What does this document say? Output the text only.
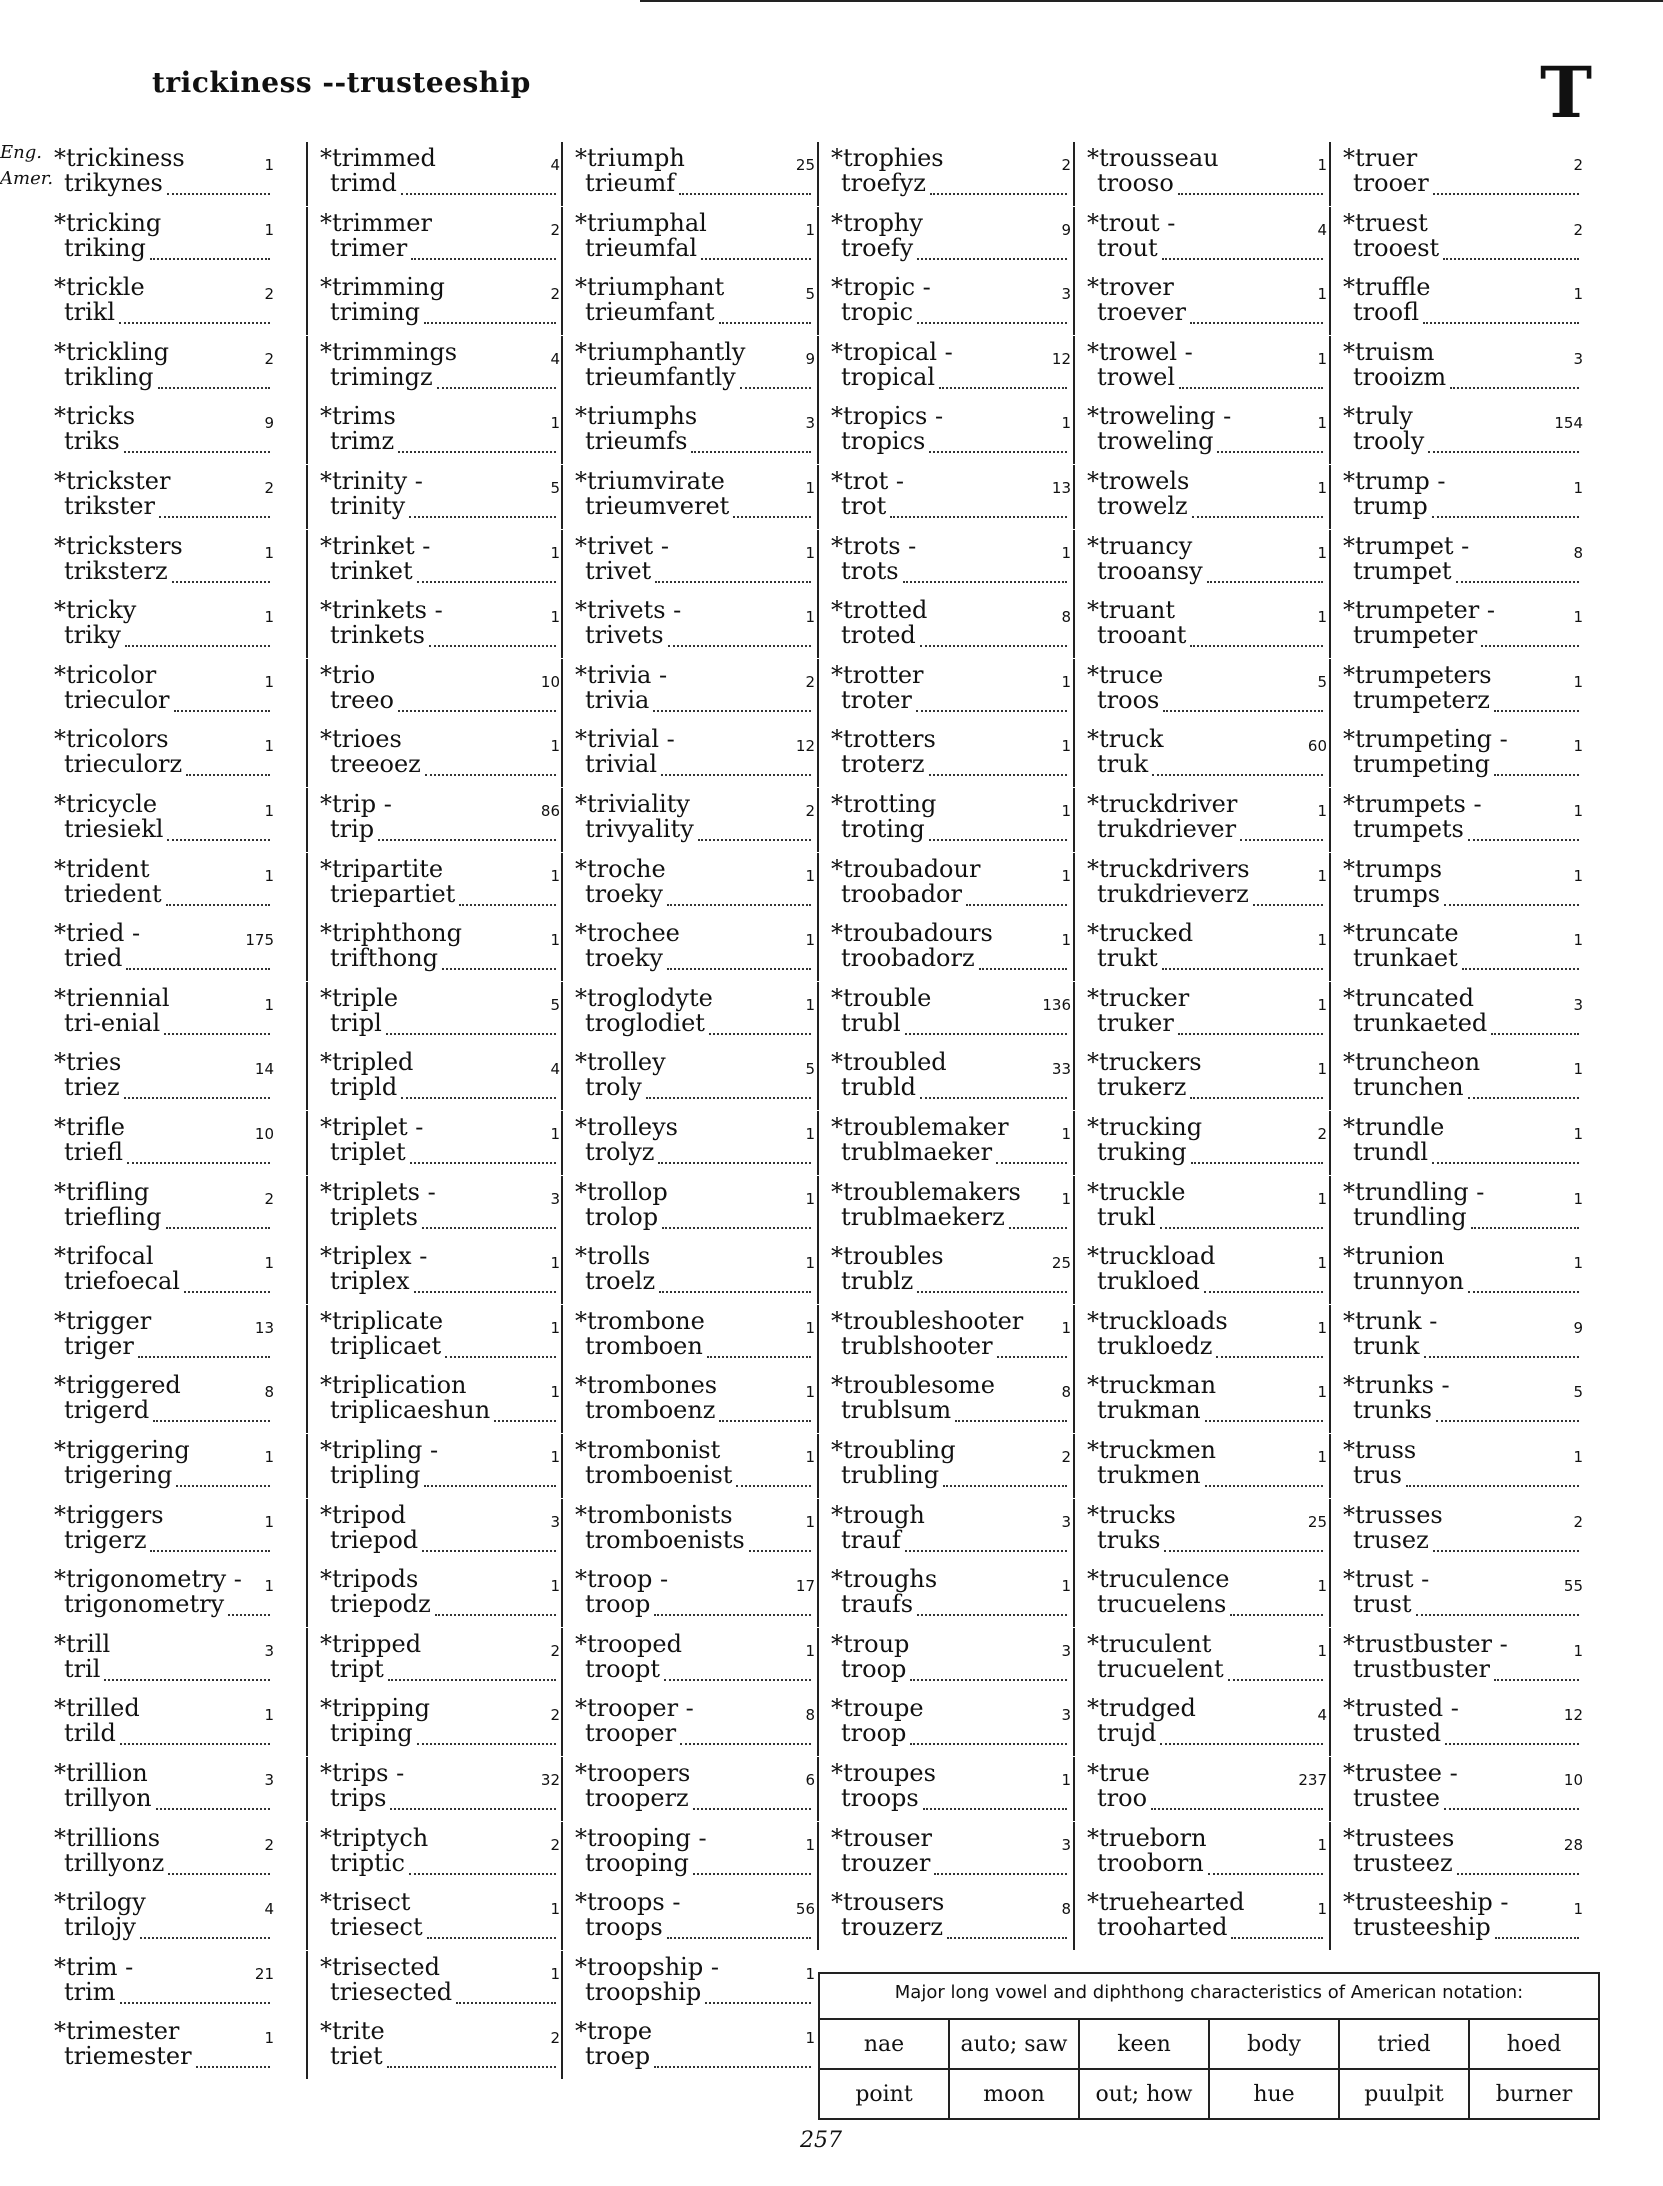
trickiness --trusteeship	T
Eng.
Amer.
*trickiness
trikynes
1
*tricking
triking
1
*trickle
trikl
2
*trickling
trikling
2
*tricks
triks
9
*trickster
trikster
2
*tricksters
triksterz
1
*tricky
triky
1
*tricolor
trieculor
1
*tricolors
trieculorz
1
*tricycle
triesiekl
1
*trident
triedent
1
*tried -
tried
175
*triennial
tri-enial
1
*tries
triez
14
*trifle
triefl
10
*trifling
triefling
2
*trifocal
triefoecal
1
*trigger
triger
13
*triggered
trigerd
8
*triggering
trigering
1
*triggers
trigerz
1
*trigonometry -
trigonometry
1
*trill
tril
3
*trilled
trild
1
*trillion
trillyon
3
*trillions
trillyonz
2
*trilogy
trilojy
4
*trim -
trim
21
*trimester
triemester
1
*trimmed
trimd
4
*trimmer
trimer
2
*trimming
triming
2
*trimmings
trimingz
4
*trims
trimz
1
*trinity -
trinity
5
*trinket -
trinket
1
*trinkets -
trinkets
1
*trio
treeo
10
*trioes
treeoez
1
*trip -
trip
86
*tripartite
triepartiet
1
*triphthong
trifthong
1
*triple
tripl
5
*tripled
tripld
4
*triplet -
triplet
1
*triplets -
triplets
3
*triplex -
triplex
1
*triplicate
triplicaet
1
*triplication
triplicaeshun
1
*tripling -
tripling
1
*tripod
triepod
3
*tripods
triepodz
1
*tripped
tript
2
*tripping
triping
2
*trips -
trips
32
*triptych
triptic
2
*trisect
triesect
1
*trisected
triesected
1
*trite
triet
2
*triumph
trieumf
25
*triumphal
trieumfal
1
*triumphant
trieumfant
5
*triumphantly
trieumfantly
9
*triumphs
trieumfs
3
*triumvirate
trieumveret
1
*trivet -
trivet
1
*trivets -
trivets
1
*trivia -
trivia
2
*trivial -
trivial
12
*triviality
trivyality
2
*troche
troeky
1
*trochee
troeky
1
*troglodyte
troglodiet
1
*trolley
troly
5
*trolleys
trolyz
1
*trollop
trolop
1
*trolls
troelz
1
*trombone
tromboen
1
*trombones
tromboenz
1
*trombonist
tromboenist
1
*trombonists
tromboenists
1
*troop -
troop
17
*trooped
troopt
1
*trooper -
trooper
8
*troopers
trooperz
6
*trooping -
trooping
1
*troops -
troops
56
*troopship -
troopship
1
*trope
troep
1
*trophies
troefyz
2
*trophy
troefy
9
*tropic -
tropic
3
*tropical -
tropical
12
*tropics -
tropics
1
*trot -
trot
13
*trots -
trots
1
*trotted
troted
8
*trotter
troter
1
*trotters
troterz
1
*trotting
troting
1
*troubadour
troobador
1
*troubadours
troobadorz
1
*trouble
trubl
136
*troubled
trubld
33
*troublemaker
trublmaeker
1
*troublemakers
trublmaekerz
1
*troubles
trublz
25
*troubleshooter
trublshooter
1
*troublesome
trublsum
8
*troubling
trubling
2
*trough
trauf
3
*troughs
traufs
1
*troup
troop
3
*troupe
troop
3
*troupes
troops
1
*trouser
trouzer
3
*trousers
trouzerz
8
*trousseau
trooso
1
*trout -
trout
4
*trover
troever
1
*trowel -
trowel
1
*troweling -
troweling
1
*trowels
trowelz
1
*truancy
trooansy
1
*truant
trooant
1
*truce
troos
5
*truck
truk
60
*truckdriver
trukdriever
1
*truckdrivers
trukdrieverz
1
*trucked
trukt
1
*trucker
truker
1
*truckers
trukerz
1
*trucking
truking
2
*truckle
trukl
1
*truckload
trukloed
1
*truckloads
trukloedz
1
*truckman
trukman
1
*truckmen
trukmen
1
*trucks
truks
25
*truculence
trucuelens
1
*truculent
trucuelent
1
*trudged
trujd
4
*true
troo
237
*trueborn
trooborn
1
*truehearted
trooharted
1
*truer
trooer
2
*truest
trooest
2
*truffle
troofl
1
*truism
trooizm
3
*truly
trooly
154
*trump -
trump
1
*trumpet -
trumpet
8
*trumpeter -
trumpeter
1
*trumpeters
trumpeterz
1
*trumpeting -
trumpeting
1
*trumpets -
trumpets
1
*trumps
trumps
1
*truncate
trunkaet
1
*truncated
trunkaeted
3
*truncheon
trunchen
1
*trundle
trundl
1
*trundling -
trundling
1
*trunion
trunnyon
1
*trunk -
trunk
9
*trunks -
trunks
5
*truss
trus
1
*trusses
trusez
2
*trust -
trust
55
*trustbuster -
trustbuster
1
*trusted -
trusted
12
*trustee -
trustee
10
*trustees
trusteez
28
*trusteeship -
trusteeship
1
Major long vowel and diphthong characteristics of American notation:
nae	auto; saw	keen	body	tried	hoed
point	moon	out; how	hue	puulpit	burner
257
